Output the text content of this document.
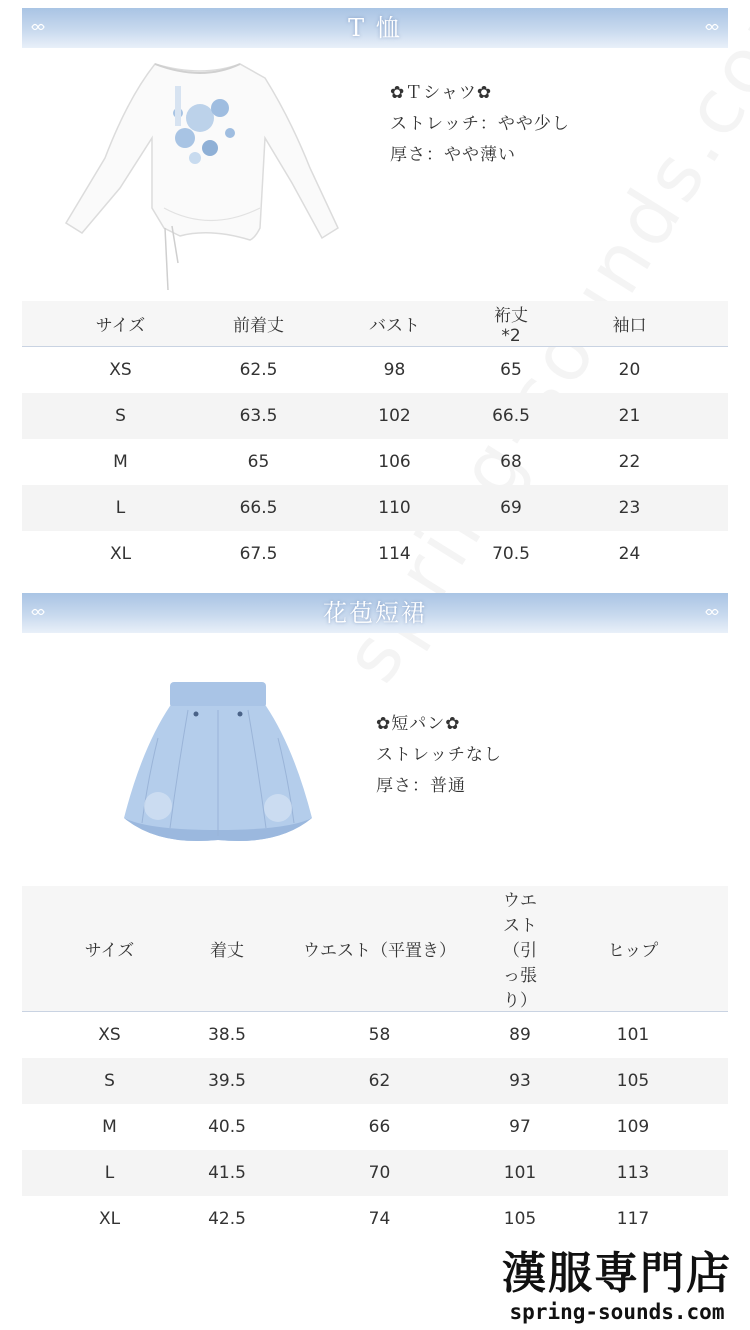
T 恤
✿Ｔシャツ✿
ストレッチ：やや少し
厚さ：やや薄い
サイズ	前着丈	バスト	裄丈*2	袖口
XS	62.5	98	65	20
S	63.5	102	66.5	21
M	65	106	68	22
L	66.5	110	69	23
XL	67.5	114	70.5	24
花苞短裙
✿短パン✿
ストレッチなし
厚さ：普通
サイズ	着丈	ウエスト（平置き）	ウエスト（引っ張り）	ヒップ
XS	38.5	58	89	101
S	39.5	62	93	105
M	40.5	66	97	109
L	41.5	70	101	113
XL	42.5	74	105	117
漢服専門店
spring-sounds.com
